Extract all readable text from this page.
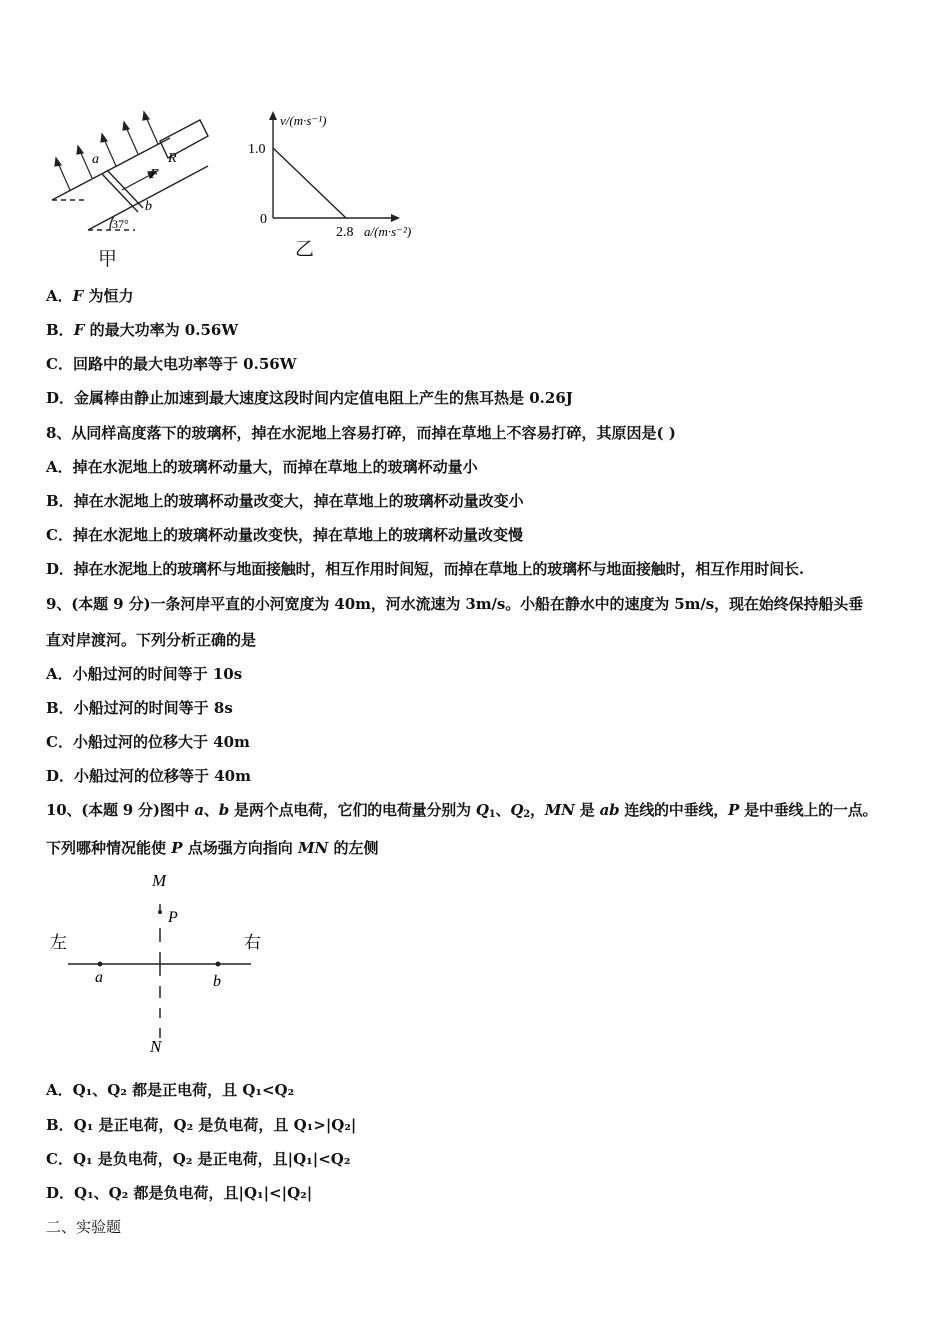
a
b
R
F
37°
甲
v/(m·s⁻¹)
1.0
0
2.8 a/(m·s⁻²)
乙
A．F 为恒力
B．F 的最大功率为 0.56W
C．回路中的最大电功率等于 0.56W
D．金属棒由静止加速到最大速度这段时间内定值电阻上产生的焦耳热是 0.26J
8、从同样高度落下的玻璃杯，掉在水泥地上容易打碎，而掉在草地上不容易打碎，其原因是( )
A．掉在水泥地上的玻璃杯动量大，而掉在草地上的玻璃杯动量小
B．掉在水泥地上的玻璃杯动量改变大，掉在草地上的玻璃杯动量改变小
C．掉在水泥地上的玻璃杯动量改变快，掉在草地上的玻璃杯动量改变慢
D．掉在水泥地上的玻璃杯与地面接触时，相互作用时间短，而掉在草地上的玻璃杯与地面接触时，相互作用时间长.
9、(本题 9 分)一条河岸平直的小河宽度为 40m，河水流速为 3m/s。小船在静水中的速度为 5m/s，现在始终保持船头垂
直对岸渡河。下列分析正确的是
A．小船过河的时间等于 10s
B．小船过河的时间等于 8s
C．小船过河的位移大于 40m
D．小船过河的位移等于 40m
10、(本题 9 分)图中 a、b 是两个点电荷，它们的电荷量分别为 $Q_1$、$Q_2$，MN 是 ab 连线的中垂线，P 是中垂线上的一点。
下列哪种情况能使 P 点场强方向指向 MN 的左侧
M
P
左	右
a	b
N
A．Q₁、Q₂ 都是正电荷，且 Q₁<Q₂
B．Q₁ 是正电荷，Q₂ 是负电荷，且 Q₁>|Q₂|
C．Q₁ 是负电荷，Q₂ 是正电荷，且|Q₁|<Q₂
D．Q₁、Q₂ 都是负电荷，且|Q₁|<|Q₂|
二、实验题
